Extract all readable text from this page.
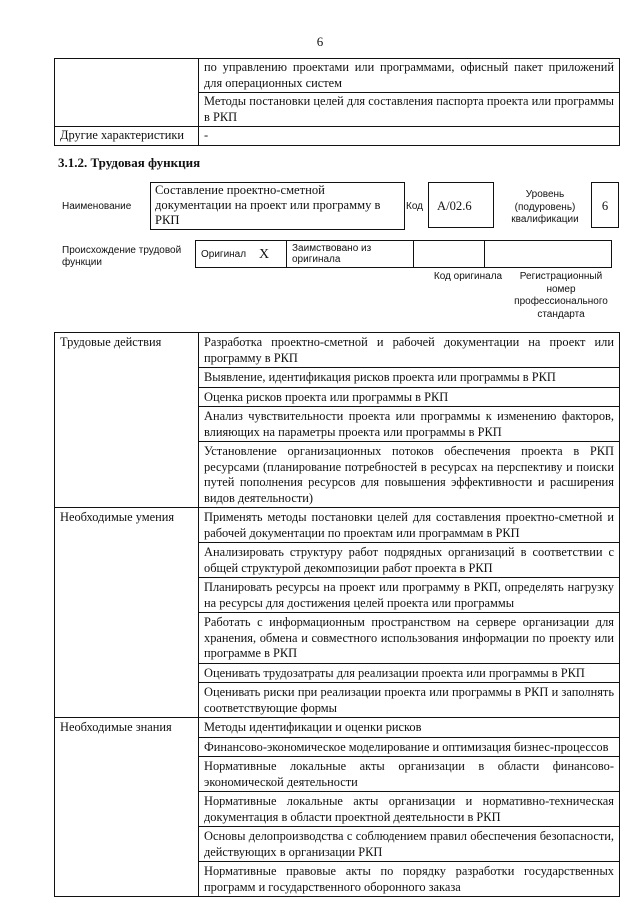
6
	по управлению проектами или программами, офисный пакет приложений для операционных систем
	Методы постановки целей для составления паспорта проекта или программы в РКП
Другие характеристики	-
3.1.2. Трудовая функция
Наименование
Составление проектно-сметной документации на проект или программу в РКП
Код	A/02.6
Уровень (подуровень) квалификации
6
Происхождение трудовой функции
Оригинал	X	Заимствовано из оригинала		
Код оригинала	Регистрационный номер профессионального стандарта
Трудовые действия	Разработка проектно-сметной и рабочей документации на проект или программу в РКП
	Выявление, идентификация рисков проекта или программы в РКП
	Оценка рисков проекта или программы в РКП
	Анализ чувствительности проекта или программы к изменению факторов, влияющих на параметры проекта или программы в РКП
	Установление организационных потоков обеспечения проекта в РКП ресурсами (планирование потребностей в ресурсах на перспективу и поиски путей пополнения ресурсов для повышения эффективности и расширения видов деятельности)
Необходимые умения	Применять методы постановки целей для составления проектно-сметной и рабочей документации по проектам или программам в РКП
	Анализировать структуру работ подрядных организаций в соответствии с общей структурой декомпозиции работ проекта в РКП
	Планировать ресурсы на проект или программу в РКП, определять нагрузку на ресурсы для достижения целей проекта или программы
	Работать с информационным пространством на сервере организации для хранения, обмена и совместного использования информации по проекту или программе в РКП
	Оценивать трудозатраты для реализации проекта или программы в РКП
	Оценивать риски при реализации проекта или программы в РКП и заполнять соответствующие формы
Необходимые знания	Методы идентификации и оценки рисков
	Финансово-экономическое моделирование и оптимизация бизнес-процессов
	Нормативные локальные акты организации в области финансово-экономической деятельности
	Нормативные локальные акты организации и нормативно-техническая документация в области проектной деятельности в РКП
	Основы делопроизводства с соблюдением правил обеспечения безопасности, действующих в организации РКП
	Нормативные правовые акты по порядку разработки государственных программ и государственного оборонного заказа
